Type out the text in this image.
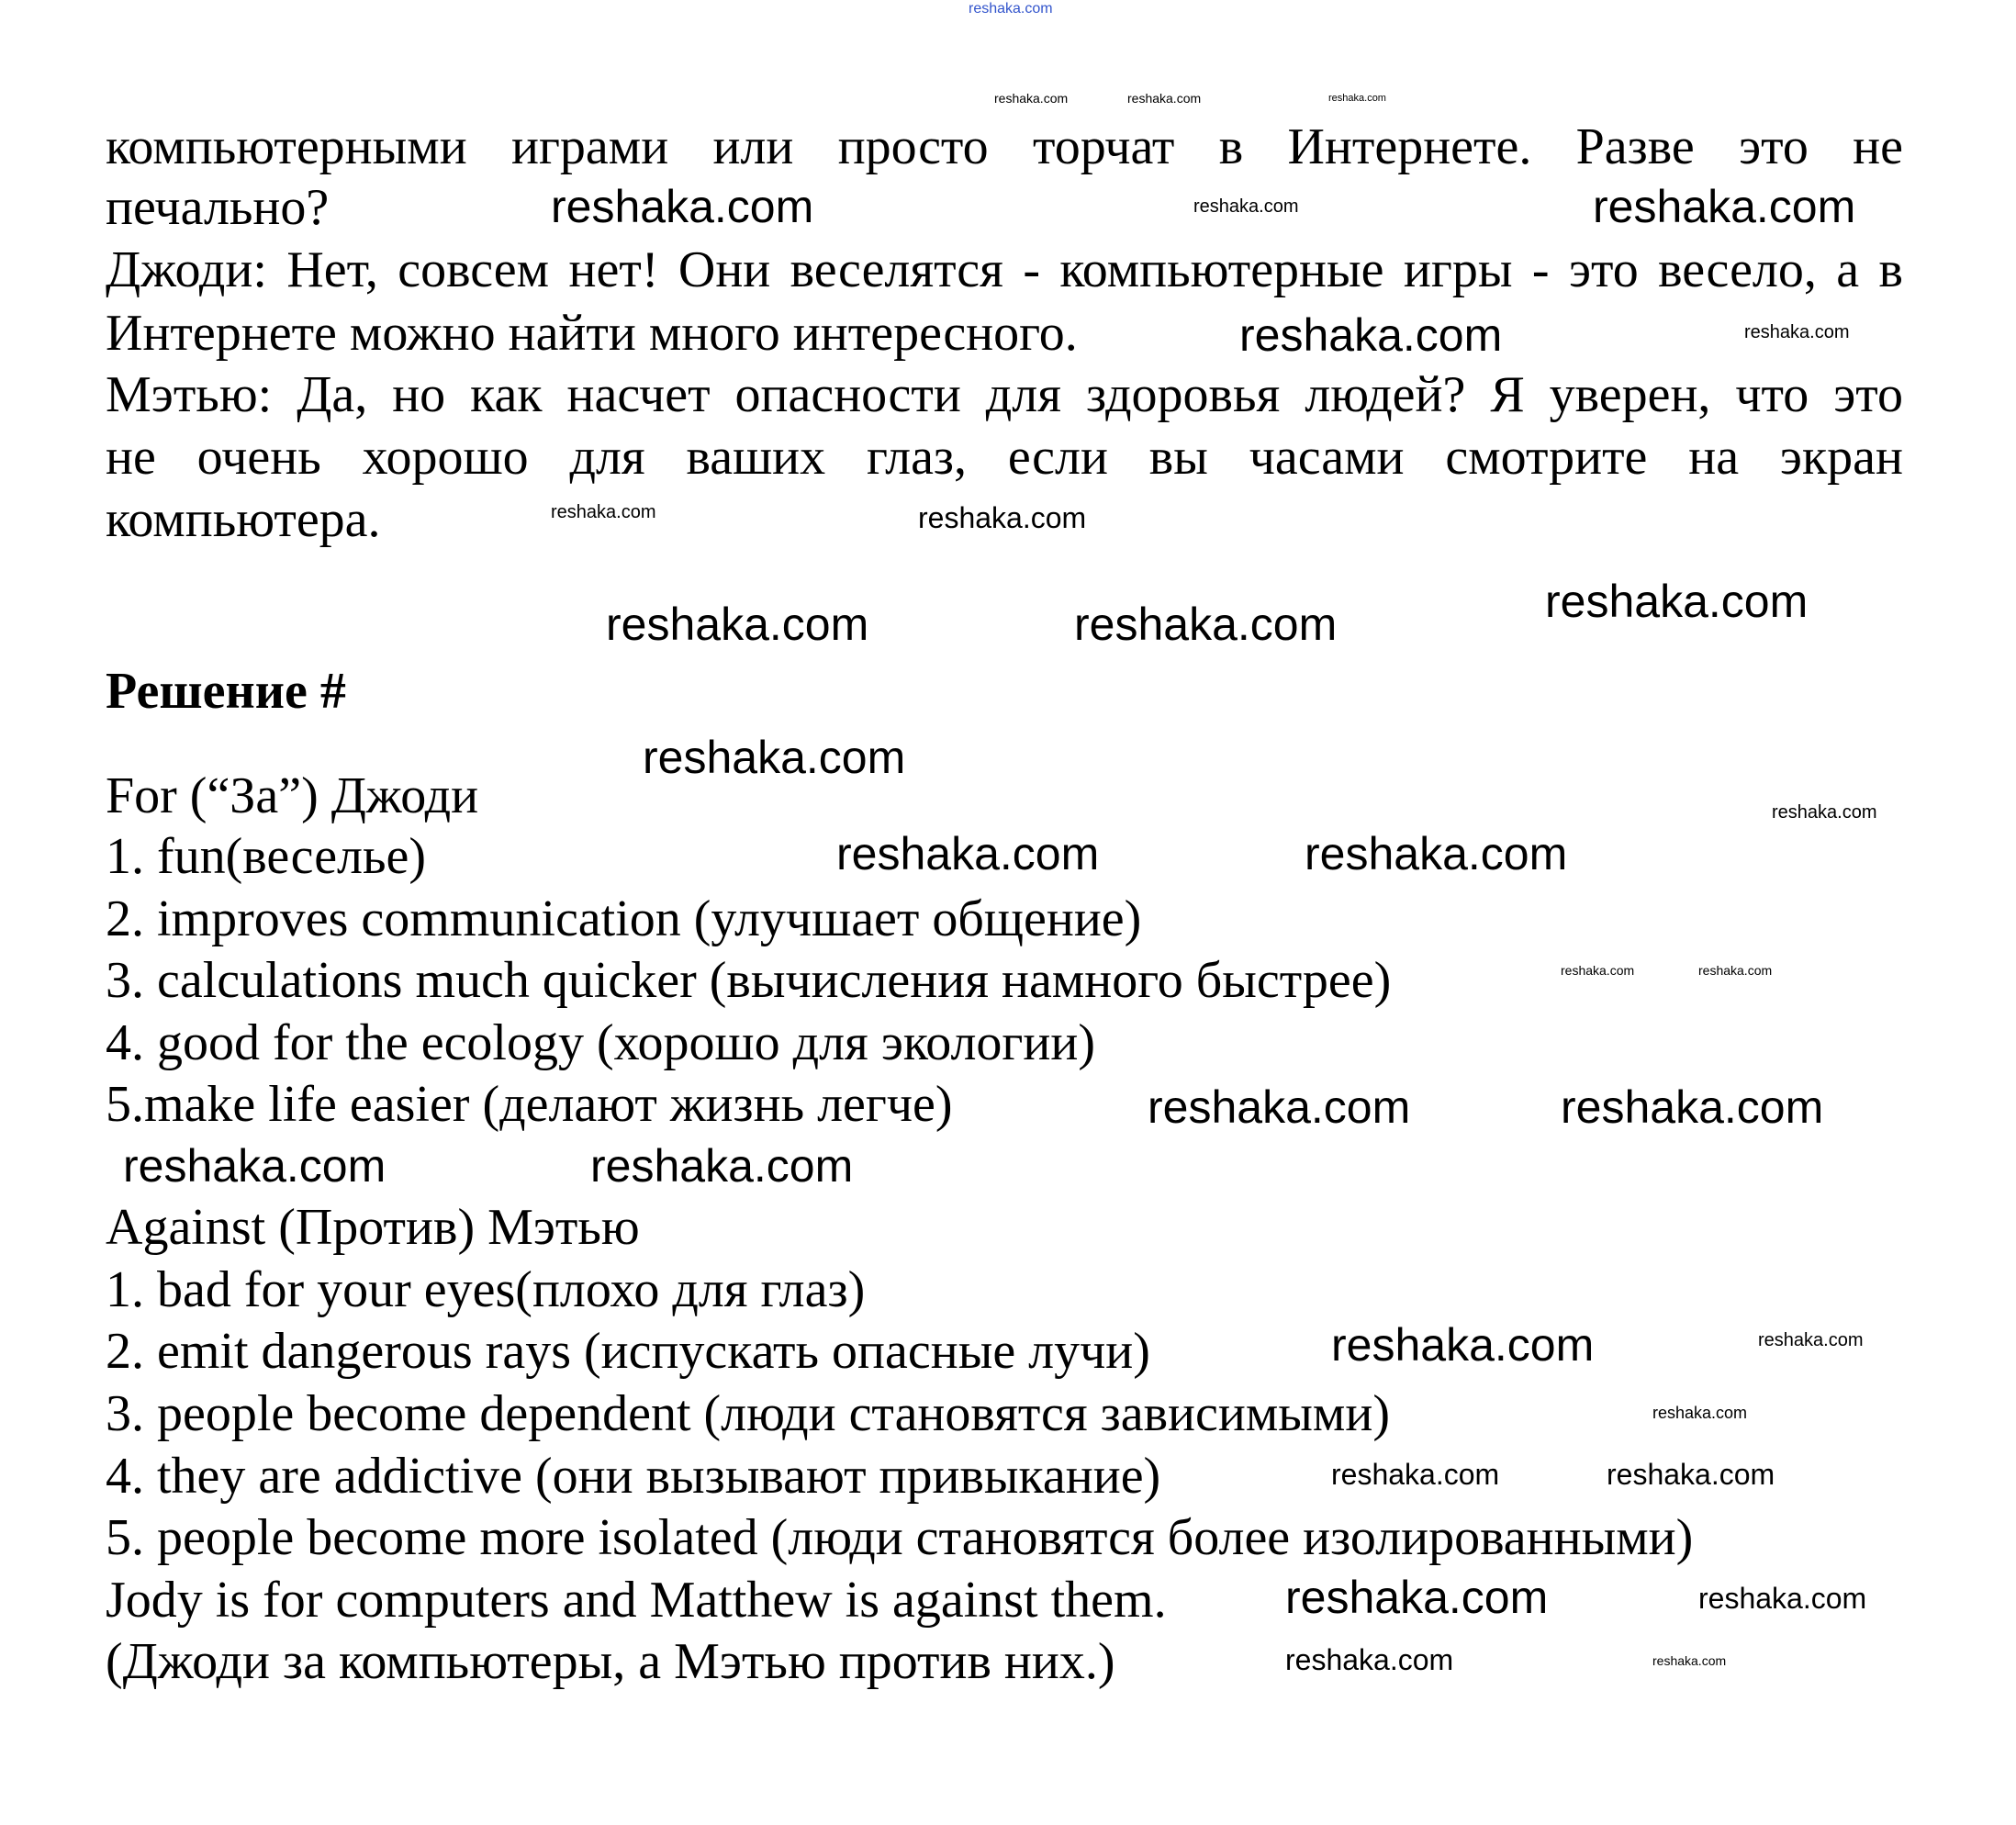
компьютерными играми или просто торчат в Интернете. Разве это не
печально?
Джоди: Нет, совсем нет! Они веселятся - компьютерные игры - это весело, а в
Интернете можно найти много интересного.
Мэтью: Да, но как насчет опасности для здоровья людей? Я уверен, что это
не очень хорошо для ваших глаз, если вы часами смотрите на экран
компьютера.
Решение #
For (“За”) Джоди
1. fun(веселье)
2. improves communication (улучшает общение)
3. calculations much quicker (вычисления намного быстрее)
4. good for the ecology (хорошо для экологии)
5.make life easier (делают жизнь легче)
Against (Против) Мэтью
1. bad for your eyes(плохо для глаз)
2. emit dangerous rays (испускать опасные лучи)
3. people become dependent (люди становятся зависимыми)
4. they are addictive (они вызывают привыкание)
5. people become more isolated (люди становятся более изолированными)
Jody is for computers and Matthew is against them.
(Джоди за компьютеры, а Мэтью против них.)
reshaka.com
reshaka.com	reshaka.com	reshaka.com
reshaka.com
reshaka.com	reshaka.com
reshaka.com	reshaka.com
reshaka.com	reshaka.com
reshaka.com
reshaka.com	reshaka.com
reshaka.com
reshaka.com
reshaka.com	reshaka.com
reshaka.com	reshaka.com
reshaka.com	reshaka.com
reshaka.com	reshaka.com
reshaka.com	reshaka.com
reshaka.com
reshaka.com	reshaka.com
reshaka.com	reshaka.com
reshaka.com	reshaka.com
